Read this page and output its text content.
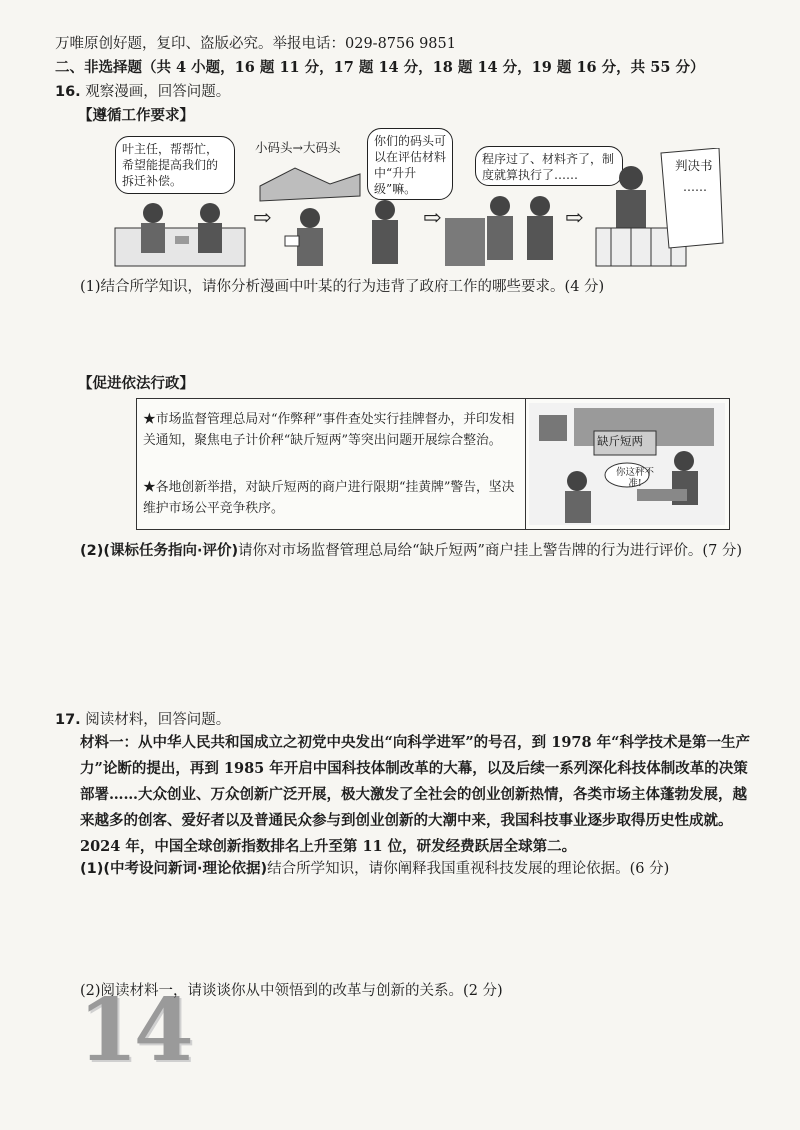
万唯原创好题，复印、盗版必究。举报电话：029-8756 9851
二、非选择题（共 4 小题，16 题 11 分，17 题 14 分，18 题 14 分，19 题 16 分，共 55 分）
16. 观察漫画，回答问题。
【遵循工作要求】
叶主任，帮帮忙，希望能提高我们的拆迁补偿。
⇨
小码头→大码头	你们的码头可以在评估材料中“升升级”嘛。
⇨
程序过了、材料齐了，制度就算执行了……
⇨
判决书
……
(1)结合所学知识，请你分析漫画中叶某的行为违背了政府工作的哪些要求。(4 分)
【促进依法行政】
★市场监督管理总局对“作弊秤”事件查处实行挂牌督办，并印发相关通知，聚焦电子计价秤“缺斤短两”等突出问题开展综合整治。
★各地创新举措，对缺斤短两的商户进行限期“挂黄牌”警告，坚决维护市场公平竞争秩序。
缺斤短两
你这秤不准!
(2)(课标任务指向·评价)请你对市场监督管理总局给“缺斤短两”商户挂上警告牌的行为进行评价。(7 分)
17. 阅读材料，回答问题。
材料一：从中华人民共和国成立之初党中央发出“向科学进军”的号召，到 1978 年“科学技术是第一生产力”论断的提出，再到 1985 年开启中国科技体制改革的大幕，以及后续一系列深化科技体制改革的决策部署……大众创业、万众创新广泛开展，极大激发了全社会的创业创新热情，各类市场主体蓬勃发展，越来越多的创客、爱好者以及普通民众参与到创业创新的大潮中来，我国科技事业逐步取得历史性成就。2024 年，中国全球创新指数排名上升至第 11 位，研发经费跃居全球第二。
(1)(中考设问新词·理论依据)结合所学知识，请你阐释我国重视科技发展的理论依据。(6 分)
(2)阅读材料一，请谈谈你从中领悟到的改革与创新的关系。(2 分)
14
